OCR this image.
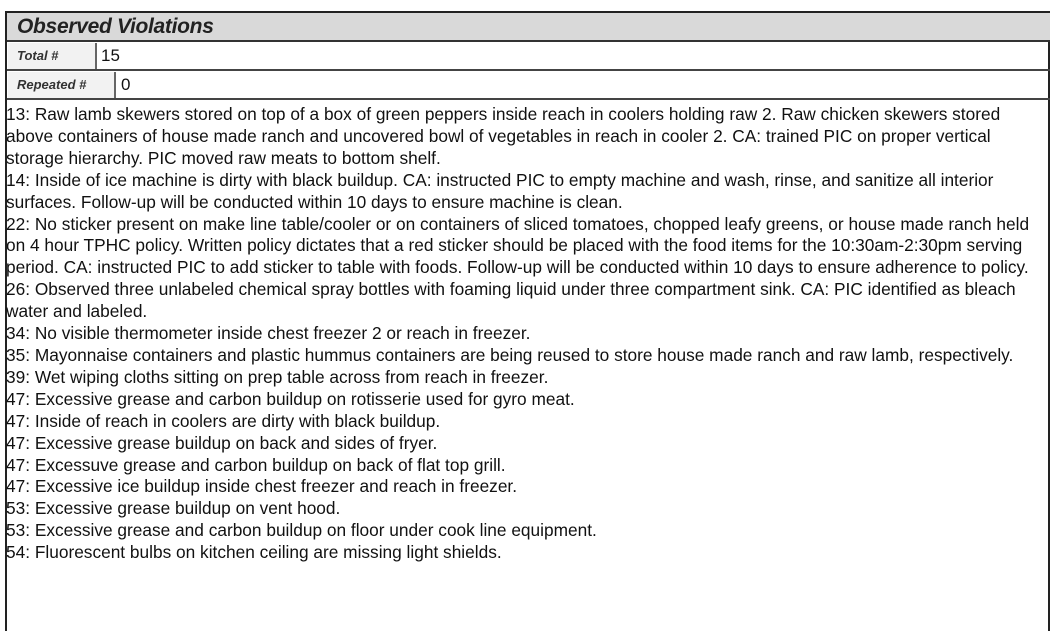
Observed Violations
Total #	15
Repeated #	0

13: Raw lamb skewers stored on top of a box of green peppers inside reach in coolers holding raw 2. Raw chicken skewers stored above containers of house made ranch and uncovered bowl of vegetables in reach in cooler 2. CA: trained PIC on proper vertical storage hierarchy. PIC moved raw meats to bottom shelf.

14: Inside of ice machine is dirty with black buildup. CA: instructed PIC to empty machine and wash, rinse, and sanitize all interior surfaces. Follow-up will be conducted within 10 days to ensure machine is clean.

22: No sticker present on make line table/cooler or on containers of sliced tomatoes, chopped leafy greens, or house made ranch held on 4 hour TPHC policy. Written policy dictates that a red sticker should be placed with the food items for the 10:30am-2:30pm serving period. CA: instructed PIC to add sticker to table with foods. Follow-up will be conducted within 10 days to ensure adherence to policy.

26: Observed three unlabeled chemical spray bottles with foaming liquid under three compartment sink. CA: PIC identified as bleach water and labeled.

34: No visible thermometer inside chest freezer 2 or reach in freezer.

35: Mayonnaise containers and plastic hummus containers are being reused to store house made ranch and raw lamb, respectively.

39: Wet wiping cloths sitting on prep table across from reach in freezer.

47: Excessive grease and carbon buildup on rotisserie used for gyro meat.

47: Inside of reach in coolers are dirty with black buildup.

47: Excessive grease buildup on back and sides of fryer.

47: Excessuve grease and carbon buildup on back of flat top grill.

47: Excessive ice buildup inside chest freezer and reach in freezer.

53: Excessive grease buildup on vent hood.

53: Excessive grease and carbon buildup on floor under cook line equipment.

54: Fluorescent bulbs on kitchen ceiling are missing light shields.
